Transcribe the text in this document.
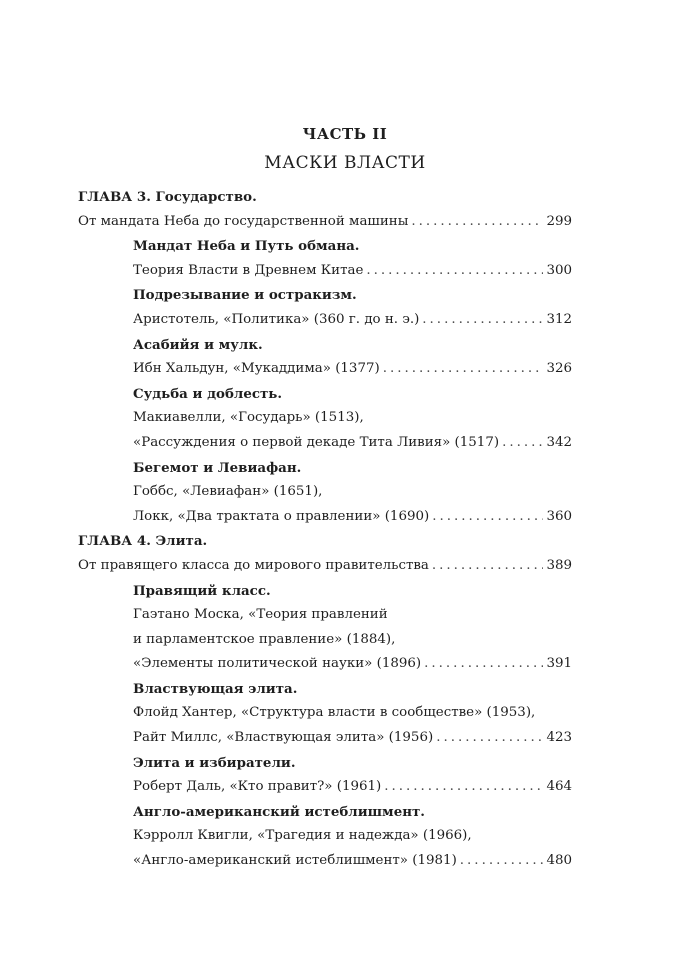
ЧАСТЬ II
МАСКИ ВЛАСТИ
ГЛАВА 3. Государство.
От мандата Неба до государственной машины .....	299
Мандат Неба и Путь обмана.
Теория Власти в Древнем Китае .....	300
Подрезывание и остракизм.
Аристотель, «Политика» (360 г. до н. э.) .....	312
Асабийя и мулк.
Ибн Хальдун, «Мукаддима» (1377) .....	326
Судьба и доблесть.
Макиавелли, «Государь» (1513),
«Рассуждения о первой декаде Тита Ливия» (1517) .....	342
Бегемот и Левиафан.
Гоббс, «Левиафан» (1651),
Локк, «Два трактата о правлении» (1690) .....	360
ГЛАВА 4. Элита.
От правящего класса до мирового правительства .....	389
Правящий класс.
Гаэтано Моска, «Теория правлений
и парламентское правление» (1884),
«Элементы политической науки» (1896) .....	391
Властвующая элита.
Флойд Хантер, «Структура власти в сообществе» (1953),
Райт Миллс, «Властвующая элита» (1956) .....	423
Элита и избиратели.
Роберт Даль, «Кто правит?» (1961) .....	464
Англо-американский истеблишмент.
Кэрролл Квигли, «Трагедия и надежда» (1966),
«Англо-американский истеблишмент» (1981) .....	480
